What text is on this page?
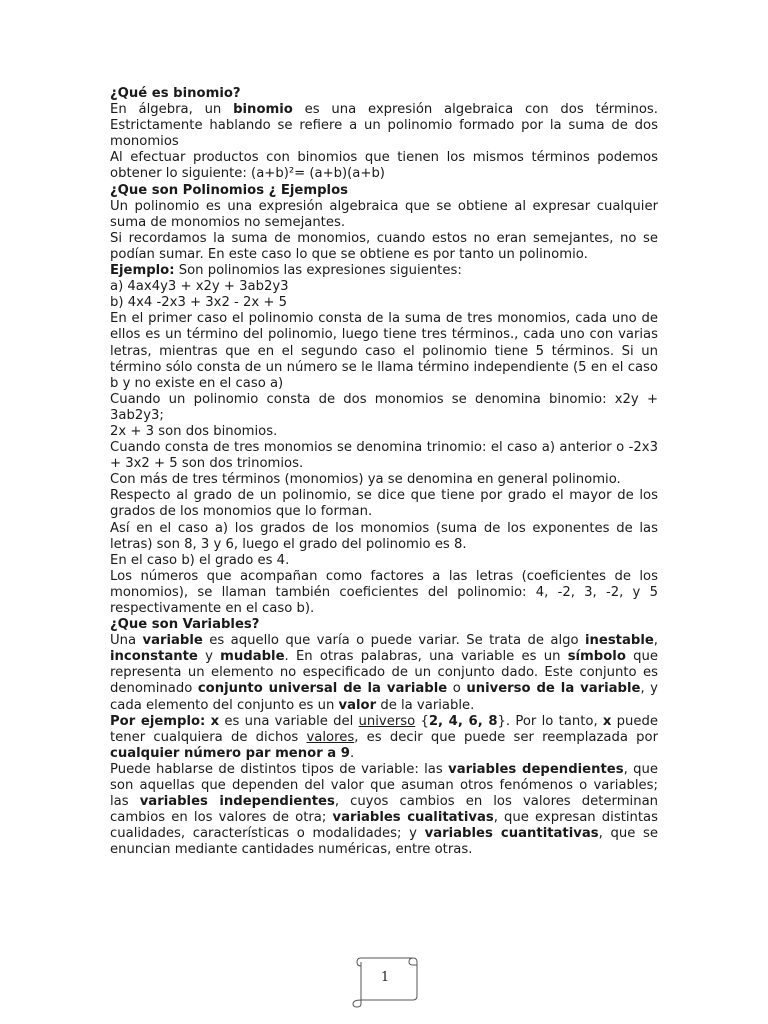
¿Qué es binomio?

En álgebra, un binomio es una expresión algebraica con dos términos. Estrictamente hablando se refiere a un polinomio formado por la suma de dos monomios

Al efectuar productos con binomios que tienen los mismos términos podemos obtener lo siguiente: (a+b)²= (a+b)(a+b)

¿Que son Polinomios ¿ Ejemplos

Un polinomio es una expresión algebraica que se obtiene al expresar cualquier suma de monomios no semejantes.

Si recordamos la suma de monomios, cuando estos no eran semejantes, no se podían sumar. En este caso lo que se obtiene es por tanto un polinomio.

Ejemplo: Son polinomios las expresiones siguientes:

a) 4ax4y3 + x2y + 3ab2y3

b) 4x4 -2x3 + 3x2 - 2x + 5

En el primer caso el polinomio consta de la suma de tres monomios, cada uno de ellos es un término del polinomio, luego tiene tres términos., cada uno con varias letras, mientras que en el segundo caso el polinomio tiene 5 términos. Si un término sólo consta de un número se le llama término independiente (5 en el caso b y no existe en el caso a)

Cuando un polinomio consta de dos monomios se denomina binomio: x2y + 3ab2y3;

2x + 3 son dos binomios.

Cuando consta de tres monomios se denomina trinomio: el caso a) anterior o -2x3 + 3x2 + 5 son dos trinomios.

Con más de tres términos (monomios) ya se denomina en general polinomio.

Respecto al grado de un polinomio, se dice que tiene por grado el mayor de los grados de los monomios que lo forman.

Así en el caso a) los grados de los monomios (suma de los exponentes de las letras) son 8, 3 y 6, luego el grado del polinomio es 8.

En el caso b) el grado es 4.

Los números que acompañan como factores a las letras (coeficientes de los monomios), se llaman también coeficientes del polinomio: 4, -2, 3, -2, y 5 respectivamente en el caso b).

¿Que son Variables?

Una variable es aquello que varía o puede variar. Se trata de algo inestable, inconstante y mudable. En otras palabras, una variable es un símbolo que representa un elemento no especificado de un conjunto dado. Este conjunto es denominado conjunto universal de la variable o universo de la variable, y cada elemento del conjunto es un valor de la variable.

Por ejemplo: x es una variable del universo {2, 4, 6, 8}. Por lo tanto, x puede tener cualquiera de dichos valores, es decir que puede ser reemplazada por cualquier número par menor a 9.

Puede hablarse de distintos tipos de variable: las variables dependientes, que son aquellas que dependen del valor que asuman otros fenómenos o variables; las variables independientes, cuyos cambios en los valores determinan cambios en los valores de otra; variables cualitativas, que expresan distintas cualidades, características o modalidades; y variables cuantitativas, que se enuncian mediante cantidades numéricas, entre otras.

1
